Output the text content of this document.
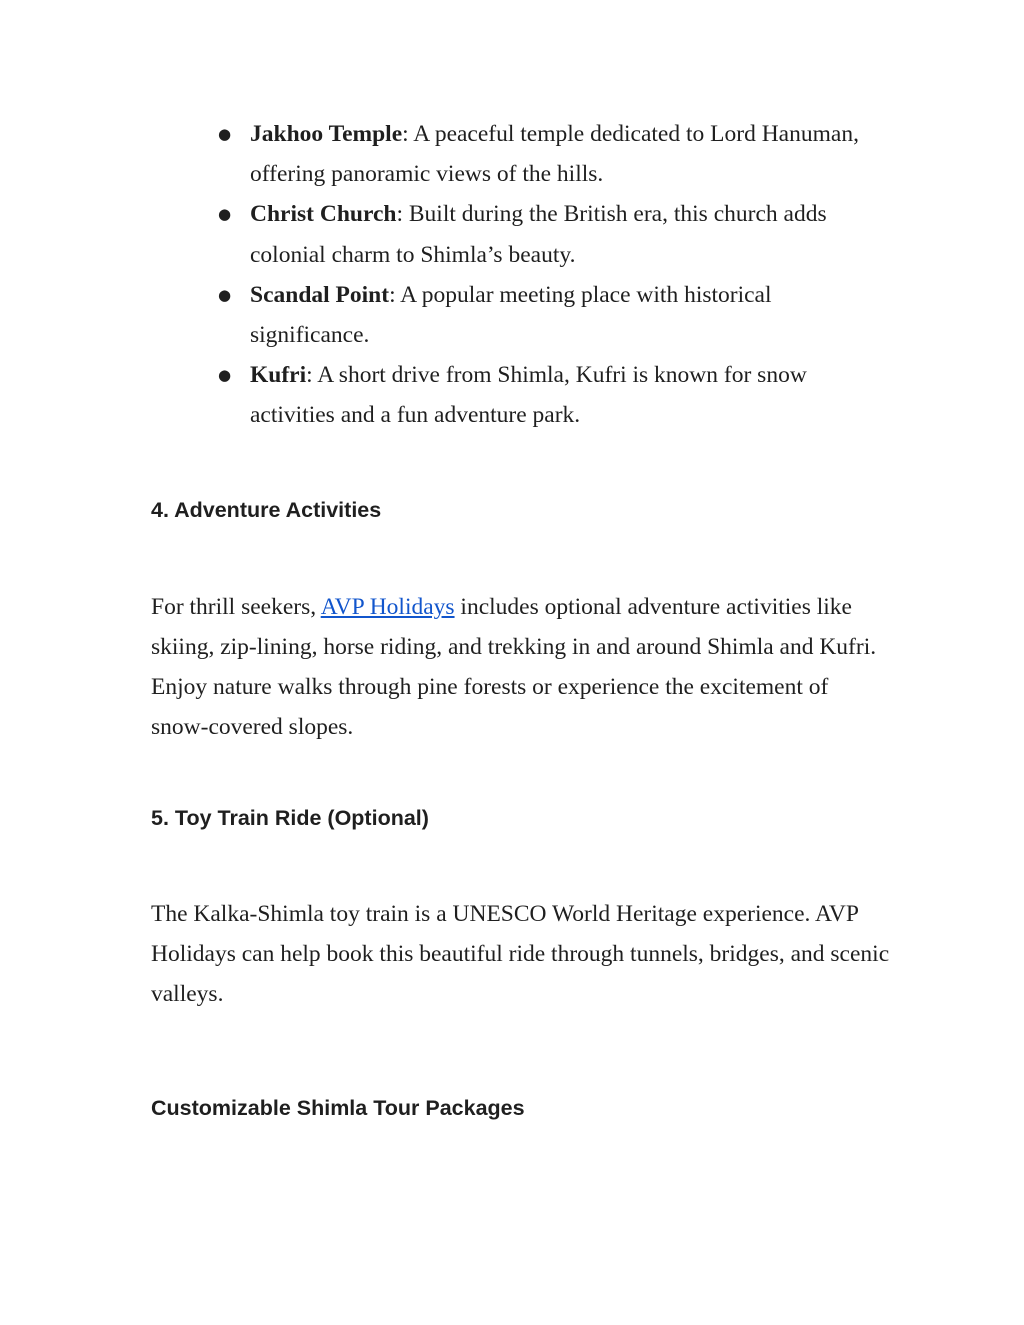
● Jakhoo Temple: A peaceful temple dedicated to Lord Hanuman, offering panoramic views of the hills.
● Christ Church: Built during the British era, this church adds colonial charm to Shimla’s beauty.
● Scandal Point: A popular meeting place with historical significance.
● Kufri: A short drive from Shimla, Kufri is known for snow activities and a fun adventure park.
4. Adventure Activities

For thrill seekers, AVP Holidays includes optional adventure activities like skiing, zip-lining, horse riding, and trekking in and around Shimla and Kufri. Enjoy nature walks through pine forests or experience the excitement of snow-covered slopes.

5. Toy Train Ride (Optional)

The Kalka-Shimla toy train is a UNESCO World Heritage experience. AVP Holidays can help book this beautiful ride through tunnels, bridges, and scenic valleys.

Customizable Shimla Tour Packages
